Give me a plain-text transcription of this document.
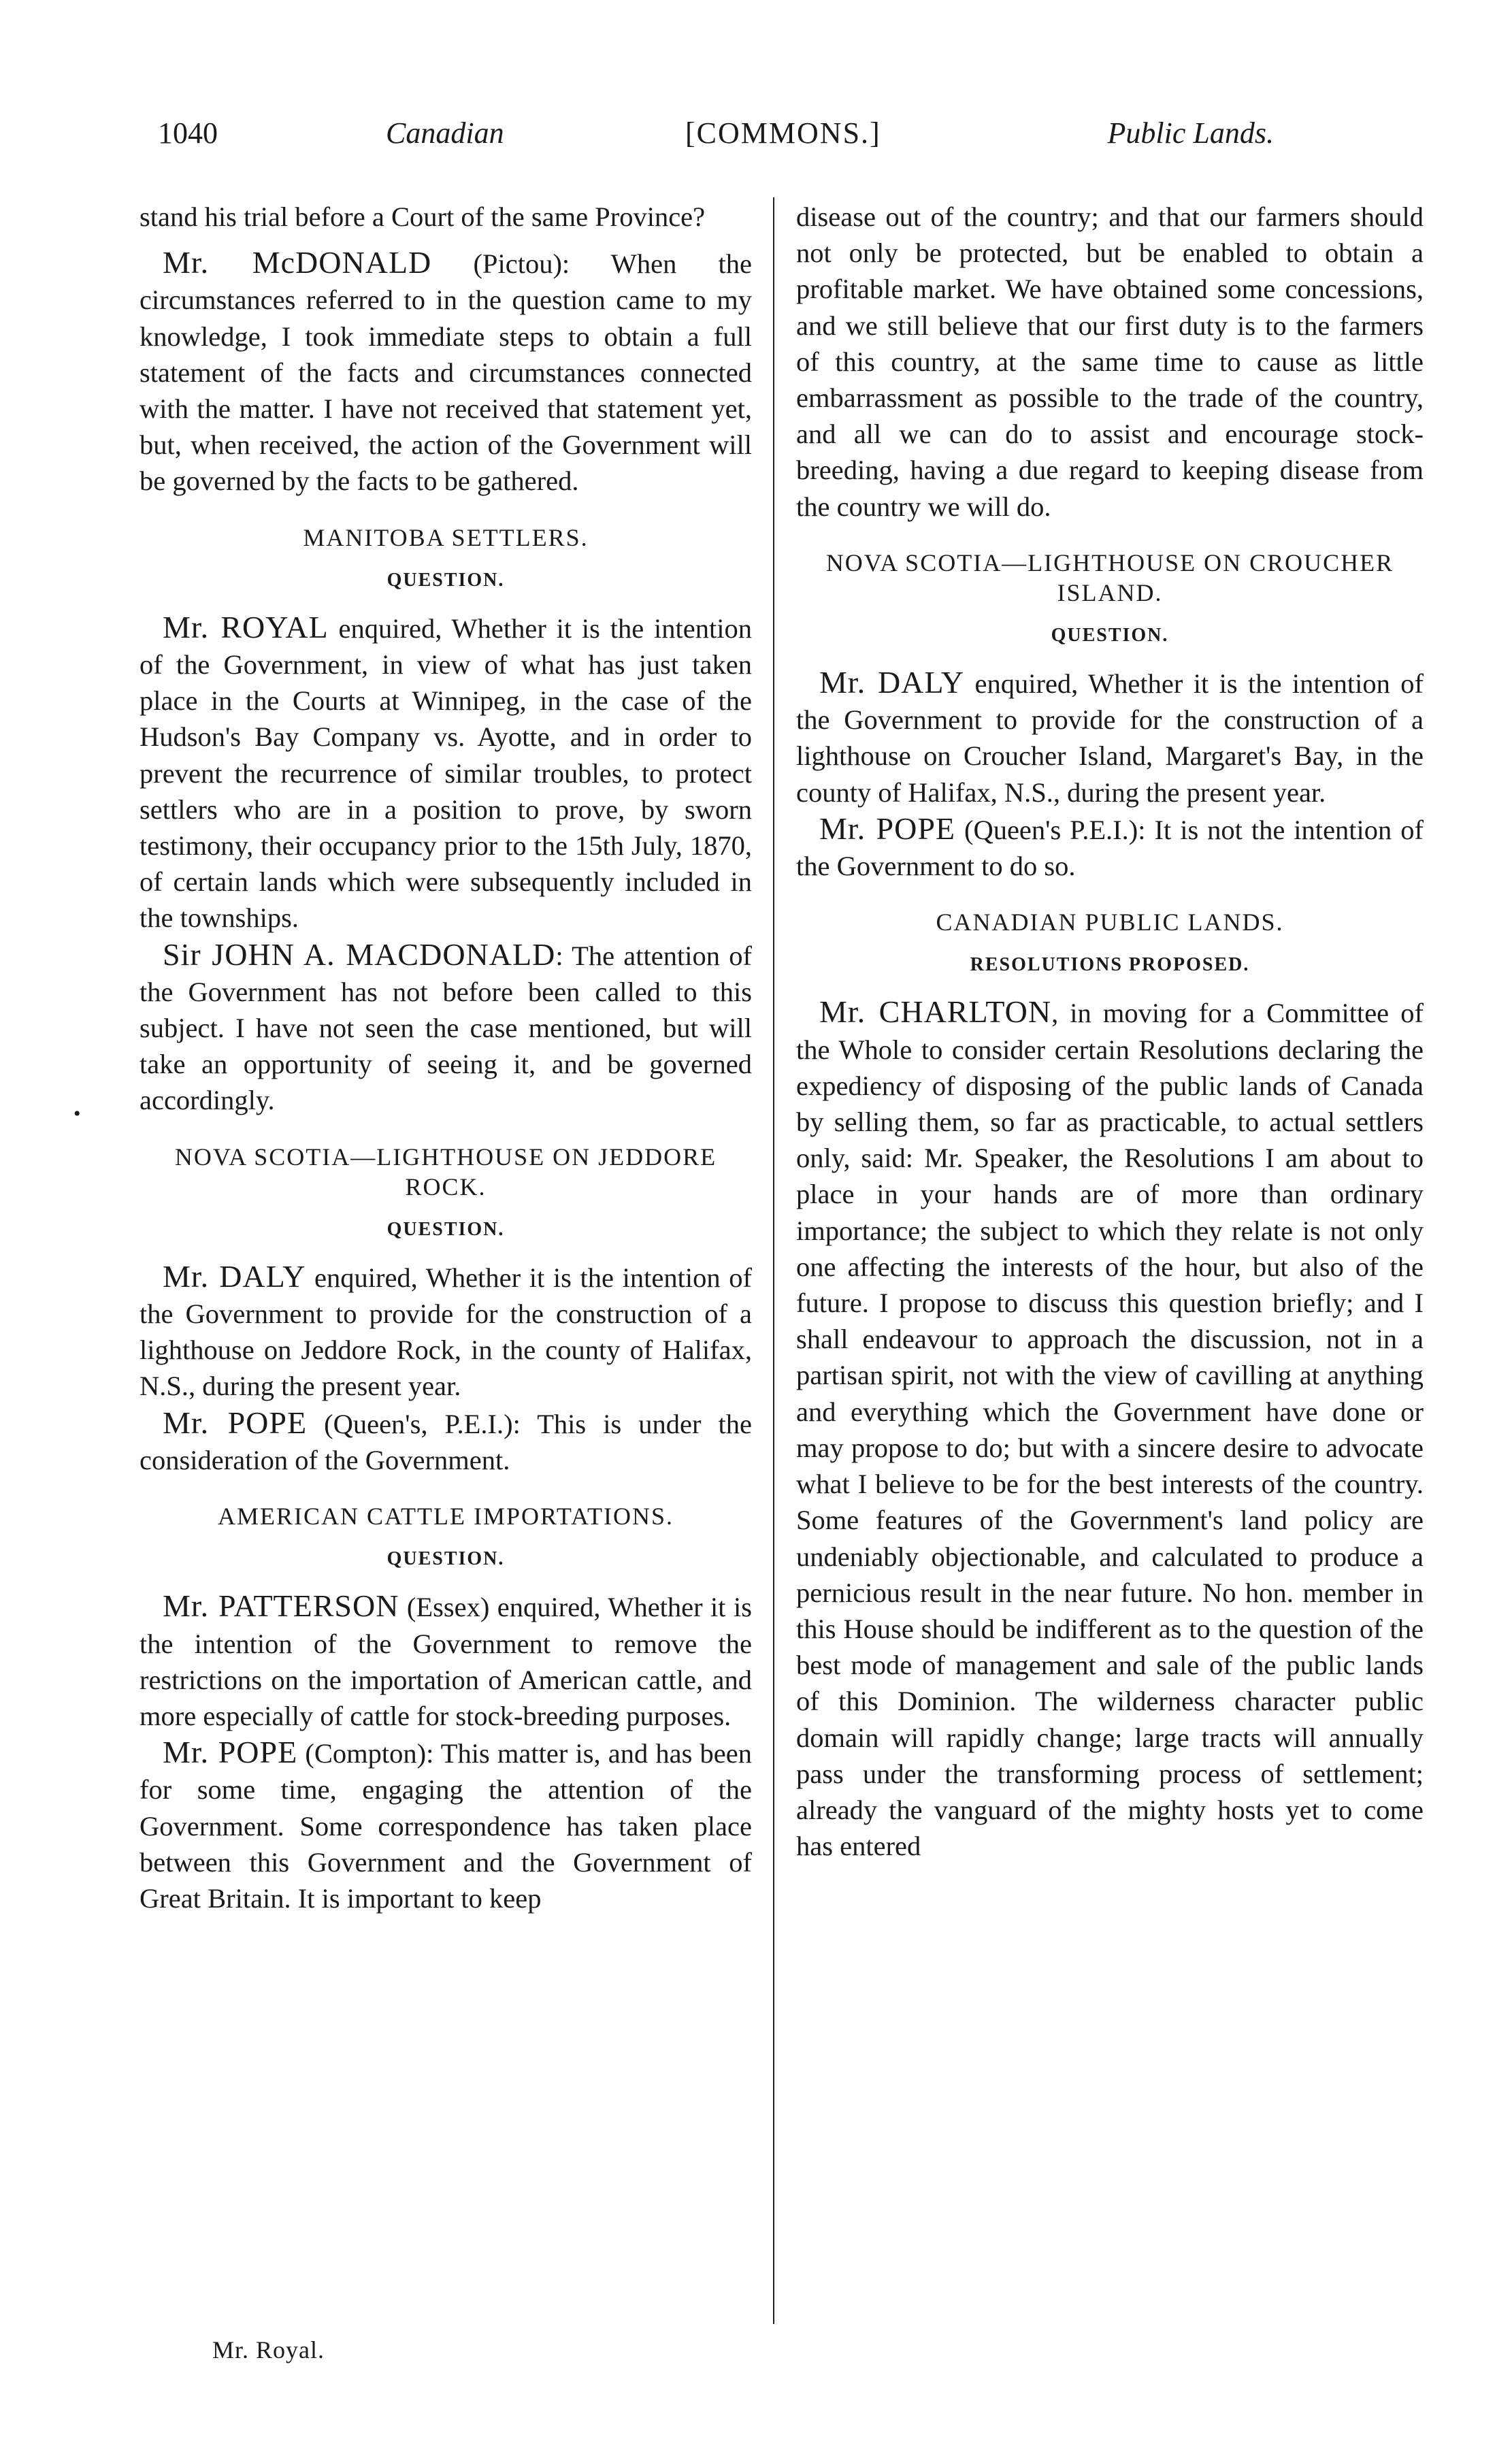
1040	Canadian	[COMMONS.]	Public Lands.

stand his trial before a Court of the same Province?

Mr. McDONALD (Pictou): When the circumstances referred to in the question came to my knowledge, I took immediate steps to obtain a full statement of the facts and circumstances connected with the matter. I have not received that statement yet, but, when received, the action of the Government will be governed by the facts to be gathered.

MANITOBA SETTLERS.
QUESTION.

Mr. ROYAL enquired, Whether it is the intention of the Government, in view of what has just taken place in the Courts at Winnipeg, in the case of the Hudson's Bay Company vs. Ayotte, and in order to prevent the recurrence of similar troubles, to protect settlers who are in a position to prove, by sworn testimony, their occupancy prior to the 15th July, 1870, of certain lands which were subsequently included in the townships.

Sir JOHN A. MACDONALD: The attention of the Government has not before been called to this subject. I have not seen the case mentioned, but will take an opportunity of seeing it, and be governed accordingly.

NOVA SCOTIA—LIGHTHOUSE ON JEDDORE ROCK.
QUESTION.

Mr. DALY enquired, Whether it is the intention of the Government to provide for the construction of a lighthouse on Jeddore Rock, in the county of Halifax, N.S., during the present year.

Mr. POPE (Queen's, P.E.I.): This is under the consideration of the Government.

AMERICAN CATTLE IMPORTATIONS.
QUESTION.

Mr. PATTERSON (Essex) enquired, Whether it is the intention of the Government to remove the restrictions on the importation of American cattle, and more especially of cattle for stock-breeding purposes.

Mr. POPE (Compton): This matter is, and has been for some time, engaging the attention of the Government. Some correspondence has taken place between this Government and the Government of Great Britain. It is important to keep

disease out of the country; and that our farmers should not only be protected, but be enabled to obtain a profitable market. We have obtained some concessions, and we still believe that our first duty is to the farmers of this country, at the same time to cause as little embarrassment as possible to the trade of the country, and all we can do to assist and encourage stock-breeding, having a due regard to keeping disease from the country we will do.

NOVA SCOTIA—LIGHTHOUSE ON CROUCHER ISLAND.
QUESTION.

Mr. DALY enquired, Whether it is the intention of the Government to provide for the construction of a lighthouse on Croucher Island, Margaret's Bay, in the county of Halifax, N.S., during the present year.

Mr. POPE (Queen's P.E.I.): It is not the intention of the Government to do so.

CANADIAN PUBLIC LANDS.
RESOLUTIONS PROPOSED.

Mr. CHARLTON, in moving for a Committee of the Whole to consider certain Resolutions declaring the expediency of disposing of the public lands of Canada by selling them, so far as practicable, to actual settlers only, said: Mr. Speaker, the Resolutions I am about to place in your hands are of more than ordinary importance; the subject to which they relate is not only one affecting the interests of the hour, but also of the future. I propose to discuss this question briefly; and I shall endeavour to approach the discussion, not in a partisan spirit, not with the view of cavilling at anything and everything which the Government have done or may propose to do; but with a sincere desire to advocate what I believe to be for the best interests of the country. Some features of the Government's land policy are undeniably objectionable, and calculated to produce a pernicious result in the near future. No hon. member in this House should be indifferent as to the question of the best mode of management and sale of the public lands of this Dominion. The wilderness character public domain will rapidly change; large tracts will annually pass under the transforming process of settlement; already the vanguard of the mighty hosts yet to come has entered

•
Mr. Royal.
